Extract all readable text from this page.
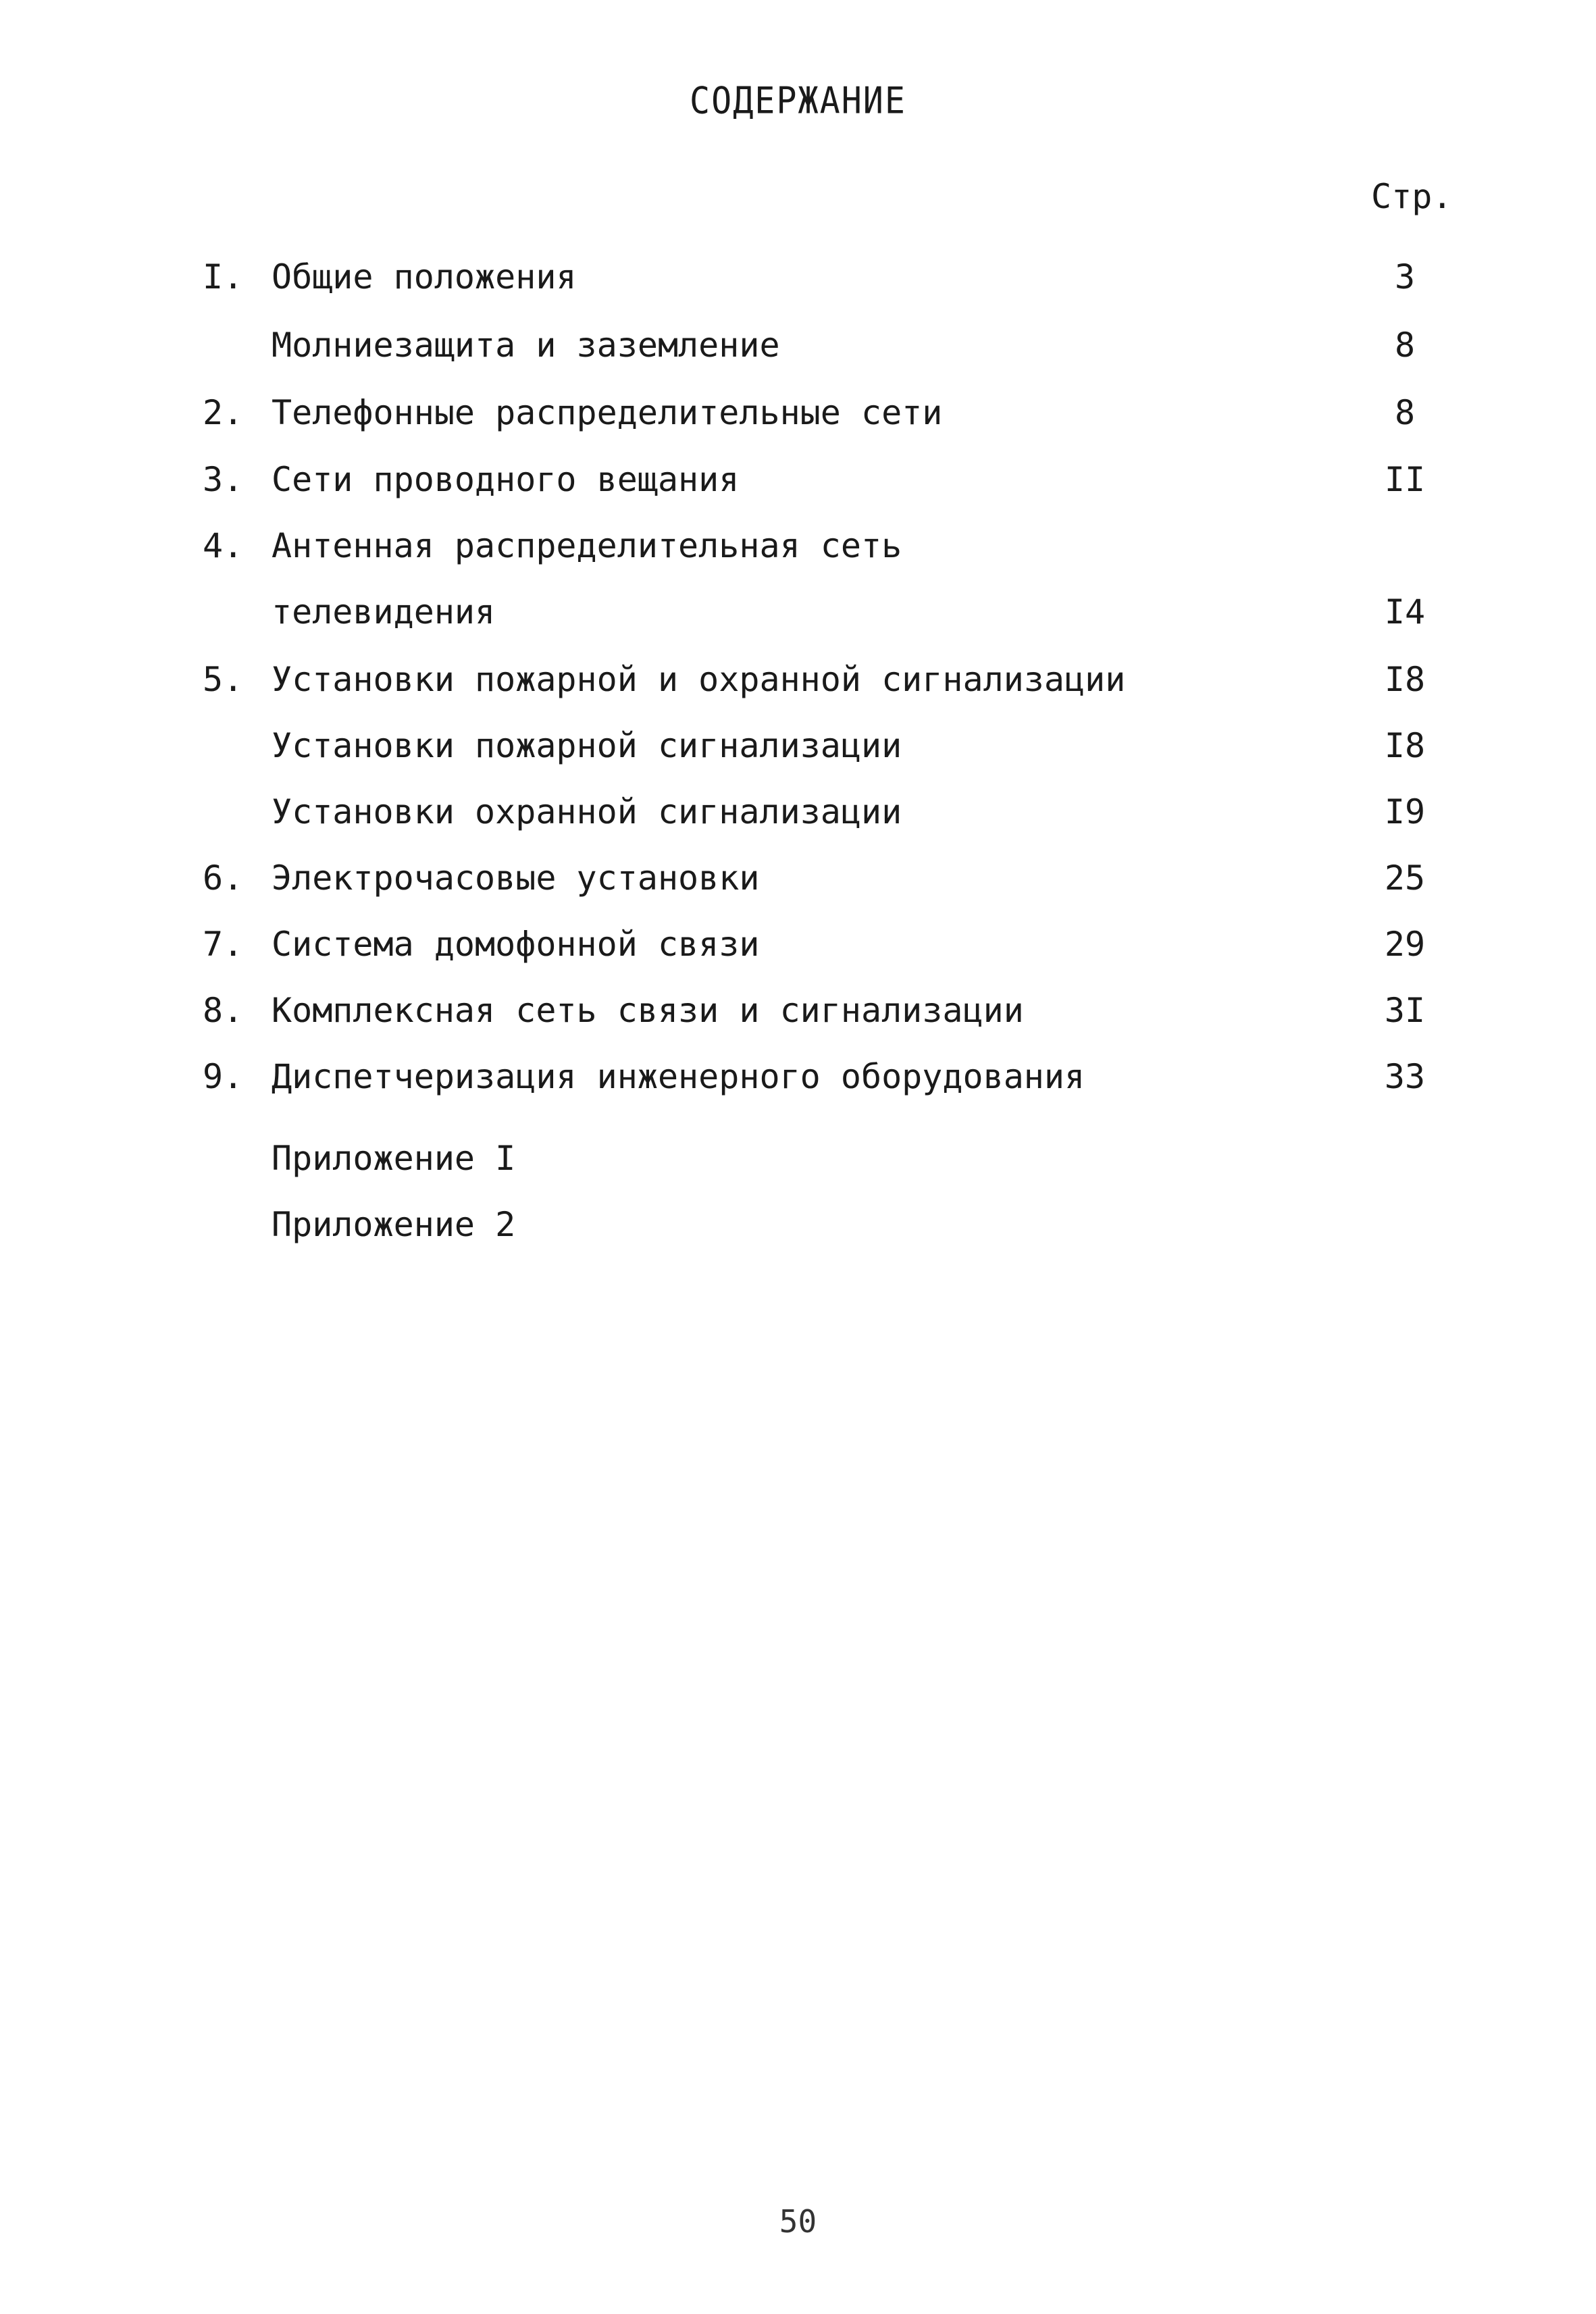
СОДЕРЖАНИЕ
Стр.
I. Общие положения	3
Молниезащита и заземление	8
2. Телефонные распределительные сети	8
3. Сети проводного вещания	II
4. Антенная распределительная сеть
телевидения	I4
5. Установки пожарной и охранной сигнализации	I8
Установки пожарной сигнализации	I8
Установки охранной сигнализации	I9
6. Электрочасовые установки	25
7. Система домофонной связи	29
8. Комплексная сеть связи и сигнализации	3I
9. Диспетчеризация инженерного оборудования	33
Приложение I
Приложение 2
50
